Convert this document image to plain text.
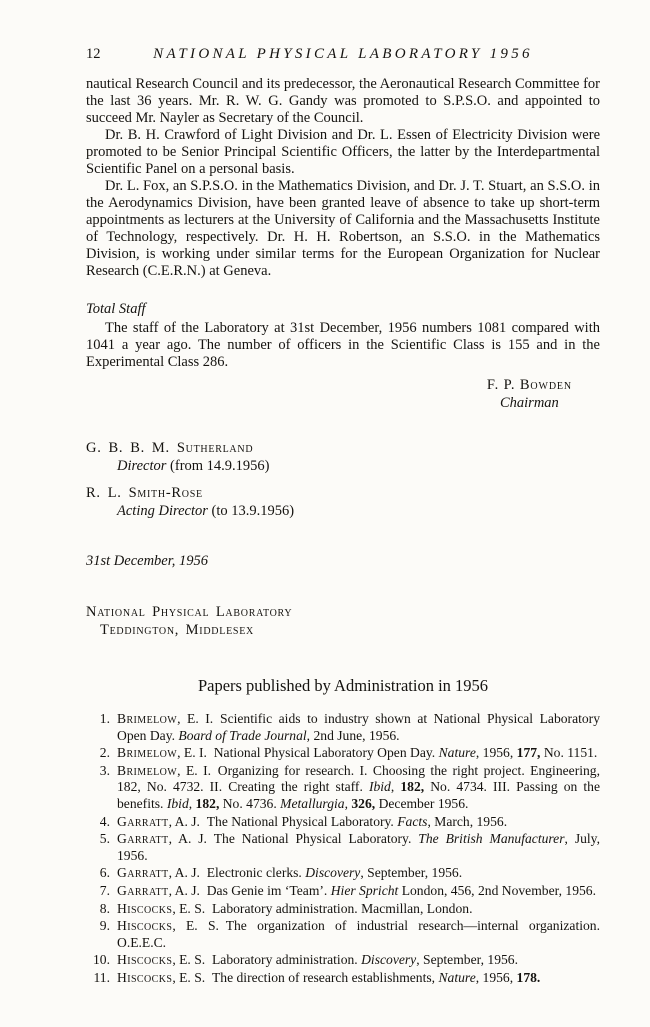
12	NATIONAL PHYSICAL LABORATORY 1956

nautical Research Council and its predecessor, the Aeronautical Research Committee for the last 36 years. Mr. R. W. G. Gandy was promoted to S.P.S.O. and appointed to succeed Mr. Nayler as Secretary of the Council.

Dr. B. H. Crawford of Light Division and Dr. L. Essen of Electricity Division were promoted to be Senior Principal Scientific Officers, the latter by the Interdepartmental Scientific Panel on a personal basis.

Dr. L. Fox, an S.P.S.O. in the Mathematics Division, and Dr. J. T. Stuart, an S.S.O. in the Aerodynamics Division, have been granted leave of absence to take up short-term appointments as lecturers at the University of California and the Massachusetts Institute of Technology, respectively. Dr. H. H. Robertson, an S.S.O. in the Mathematics Division, is working under similar terms for the European Organization for Nuclear Research (C.E.R.N.) at Geneva.

Total Staff

The staff of the Laboratory at 31st December, 1956 numbers 1081 compared with 1041 a year ago. The number of officers in the Scientific Class is 155 and in the Experimental Class 286.

F. P. Bowden
Chairman
G. B. B. M. Sutherland
Director (from 14.9.1956)
R. L. Smith-Rose
Acting Director (to 13.9.1956)
31st December, 1956
National Physical Laboratory
Teddington, Middlesex
Papers published by Administration in 1956
1. Brimelow, E. I. Scientific aids to industry shown at National Physical Laboratory Open Day. Board of Trade Journal, 2nd June, 1956.
2. Brimelow, E. I. National Physical Laboratory Open Day. Nature, 1956, 177, No. 1151.
3. Brimelow, E. I. Organizing for research. I. Choosing the right project. Engineering, 182, No. 4732. II. Creating the right staff. Ibid, 182, No. 4734. III. Passing on the benefits. Ibid, 182, No. 4736. Metallurgia, 326, December 1956.
4. Garratt, A. J. The National Physical Laboratory. Facts, March, 1956.
5. Garratt, A. J. The National Physical Laboratory. The British Manufacturer, July, 1956.
6. Garratt, A. J. Electronic clerks. Discovery, September, 1956.
7. Garratt, A. J. Das Genie im ‘Team’. Hier Spricht London, 456, 2nd November, 1956.
8. Hiscocks, E. S. Laboratory administration. Macmillan, London.
9. Hiscocks, E. S. The organization of industrial research—internal organization. O.E.E.C.
10. Hiscocks, E. S. Laboratory administration. Discovery, September, 1956.
11. Hiscocks, E. S. The direction of research establishments, Nature, 1956, 178.
